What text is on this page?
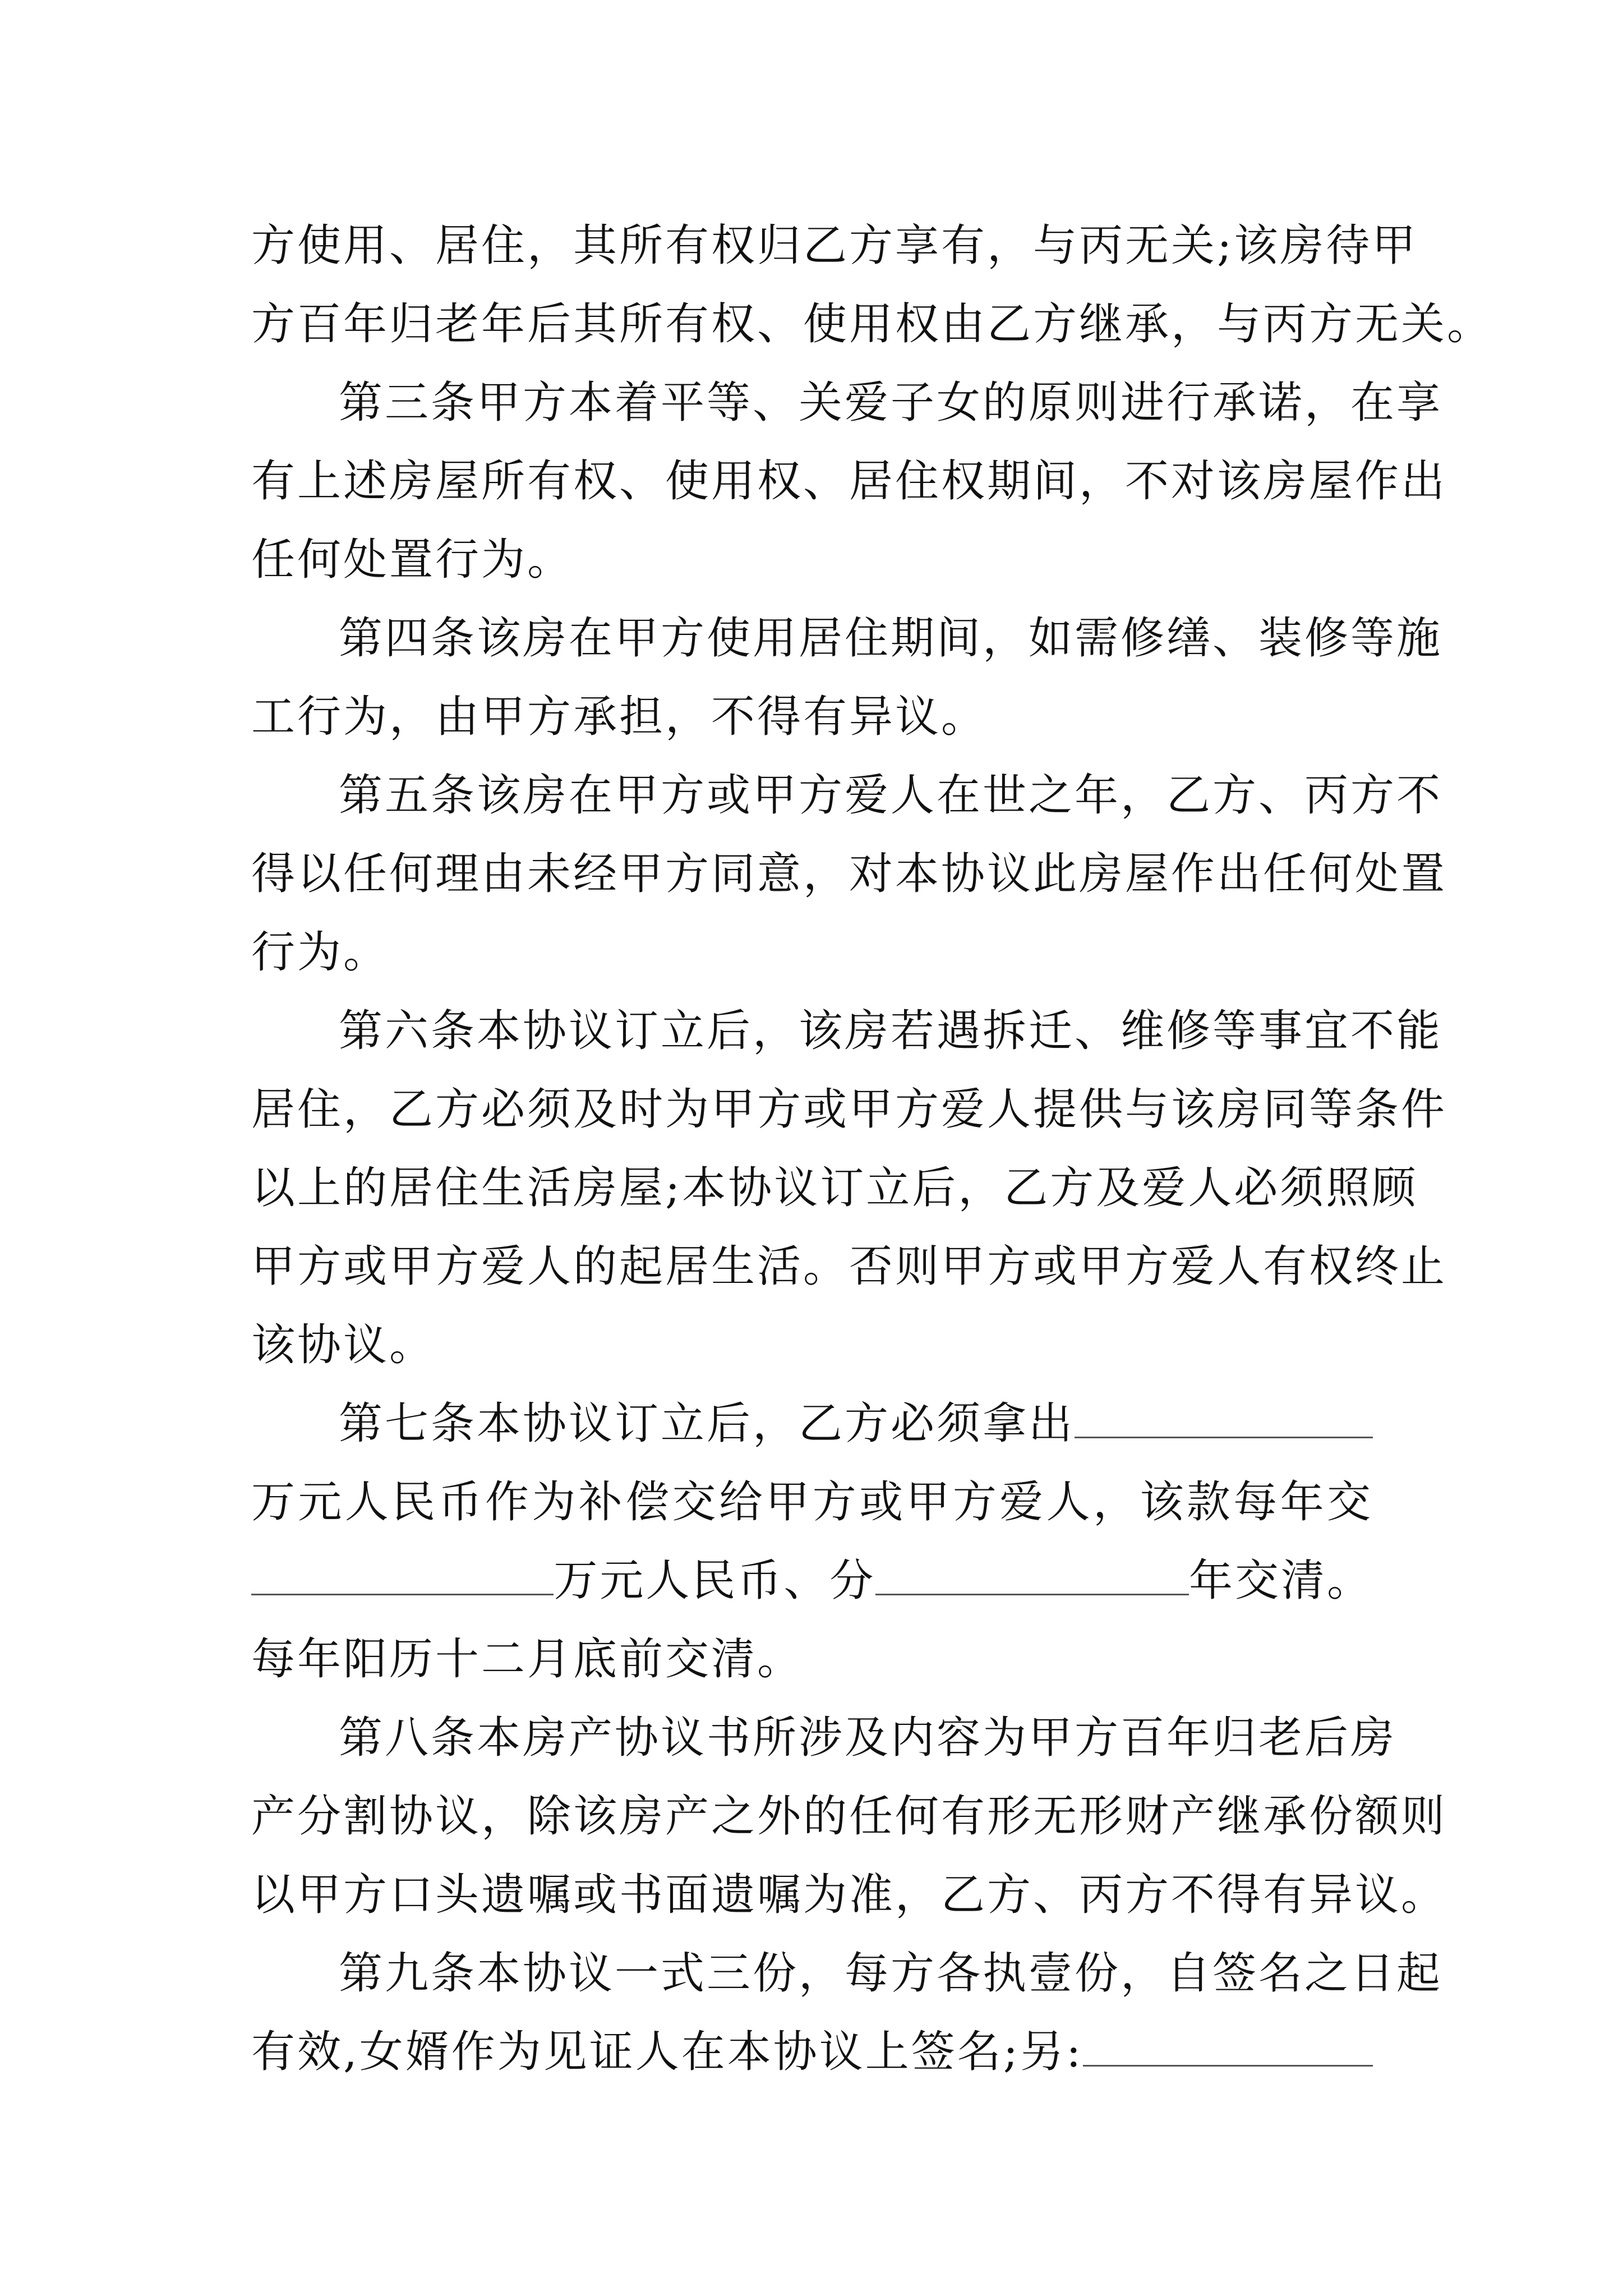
方使用、居住，其所有权归乙方享有，与丙无关;该房待甲
方百年归老年后其所有权、使用权由乙方继承，与丙方无关。
第三条甲方本着平等、关爱子女的原则进行承诺，在享
有上述房屋所有权、使用权、居住权期间，不对该房屋作出
任何处置行为。
第四条该房在甲方使用居住期间，如需修缮、装修等施
工行为，由甲方承担，不得有异议。
第五条该房在甲方或甲方爱人在世之年，乙方、丙方不
得以任何理由未经甲方同意，对本协议此房屋作出任何处置
行为。
第六条本协议订立后，该房若遇拆迁、维修等事宜不能
居住，乙方必须及时为甲方或甲方爱人提供与该房同等条件
以上的居住生活房屋;本协议订立后，乙方及爱人必须照顾
甲方或甲方爱人的起居生活。否则甲方或甲方爱人有权终止
该协议。
第七条本协议订立后，乙方必须拿出
万元人民币作为补偿交给甲方或甲方爱人，该款每年交
万元人民币、分	年交清。
每年阳历十二月底前交清。
第八条本房产协议书所涉及内容为甲方百年归老后房
产分割协议，除该房产之外的任何有形无形财产继承份额则
以甲方口头遗嘱或书面遗嘱为准，乙方、丙方不得有异议。
第九条本协议一式三份，每方各执壹份，自签名之日起
有效,女婿作为见证人在本协议上签名;另:
